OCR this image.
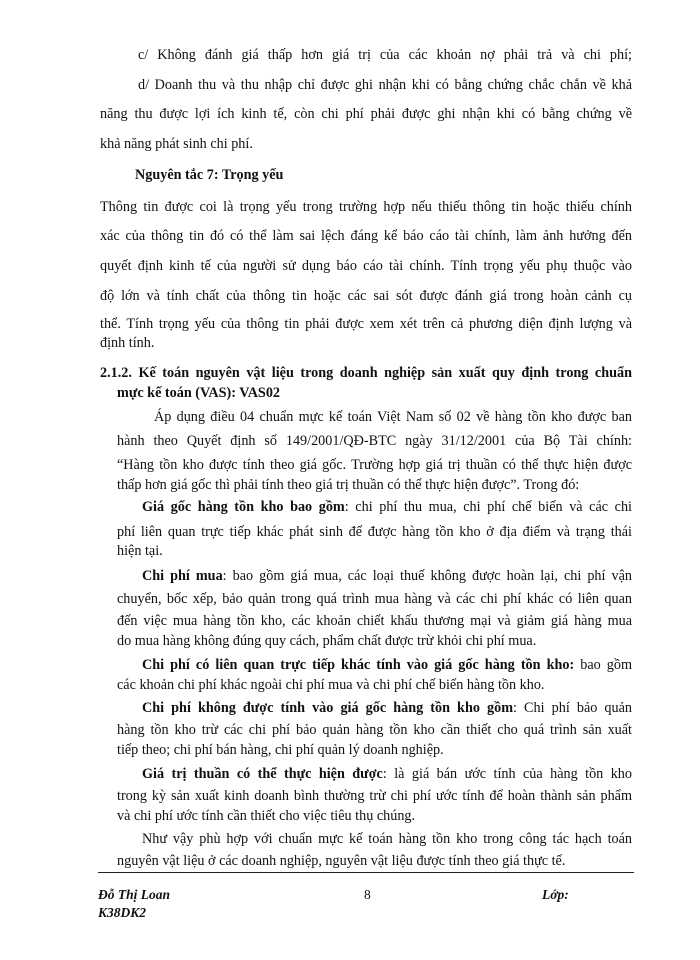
c/ Không đánh giá thấp hơn giá trị của các khoản nợ phải trả và chi phí;
d/ Doanh thu và thu nhập chỉ được ghi nhận khi có bằng chứng chắc chắn về khả
năng thu được lợi ích kinh tế, còn chi phí phải được ghi nhận khi có bằng chứng về
khả năng phát sinh chi phí.
Nguyên tắc 7: Trọng yếu
Thông tin được coi là trọng yếu trong trường hợp nếu thiếu thông tin hoặc thiếu chính
xác của thông tin đó có thể làm sai lệch đáng kể báo cáo tài chính, làm ảnh hưởng đến
quyết định kinh tế của người sử dụng báo cáo tài chính. Tính trọng yếu phụ thuộc vào
độ lớn và tính chất của thông tin hoặc các sai sót được đánh giá trong hoàn cảnh cụ
thể. Tính trọng yếu của thông tin phải được xem xét trên cả phương diện định lượng và
định tính.
2.1.2. Kế toán nguyên vật liệu trong doanh nghiệp sản xuất quy định trong chuẩn
mực kế toán (VAS): VAS02
Áp dụng điều 04 chuẩn mực kế toán Việt Nam số 02 về hàng tồn kho được ban
hành theo Quyết định số 149/2001/QĐ-BTC ngày 31/12/2001 của Bộ Tài chính:
“Hàng tồn kho được tính theo giá gốc. Trường hợp giá trị thuần có thể thực hiện được
thấp hơn giá gốc thì phải tính theo giá trị thuần có thể thực hiện được”. Trong đó:
Giá gốc hàng tồn kho bao gồm: chi phí thu mua, chi phí chế biến và các chi
phí liên quan trực tiếp khác phát sinh để được hàng tồn kho ở địa điểm và trạng thái
hiện tại.
Chi phí mua: bao gồm giá mua, các loại thuế không được hoàn lại, chi phí vận
chuyển, bốc xếp, bảo quản trong quá trình mua hàng và các chi phí khác có liên quan
đến việc mua hàng tồn kho, các khoản chiết khấu thương mại và giảm giá hàng mua
do mua hàng không đúng quy cách, phẩm chất được trừ khỏi chi phí mua.
Chi phí có liên quan trực tiếp khác tính vào giá gốc hàng tồn kho: bao gồm
các khoản chi phí khác ngoài chi phí mua và chi phí chế biến hàng tồn kho.
Chi phí không được tính vào giá gốc hàng tồn kho gồm: Chi phí bảo quản
hàng tồn kho trừ các chi phí bảo quản hàng tồn kho cần thiết cho quá trình sản xuất
tiếp theo; chi phí bán hàng, chi phí quản lý doanh nghiệp.
Giá trị thuần có thể thực hiện được: là giá bán ước tính của hàng tồn kho
trong kỳ sản xuất kinh doanh bình thường trừ chi phí ước tính để hoàn thành sản phẩm
và chi phí ước tính cần thiết cho việc tiêu thụ chúng.
Như vậy phù hợp với chuẩn mực kế toán hàng tồn kho trong công tác hạch toán
nguyên vật liệu ở các doanh nghiệp, nguyên vật liệu được tính theo giá thực tế.
Đỗ Thị Loan	8	Lớp:
K38DK2
